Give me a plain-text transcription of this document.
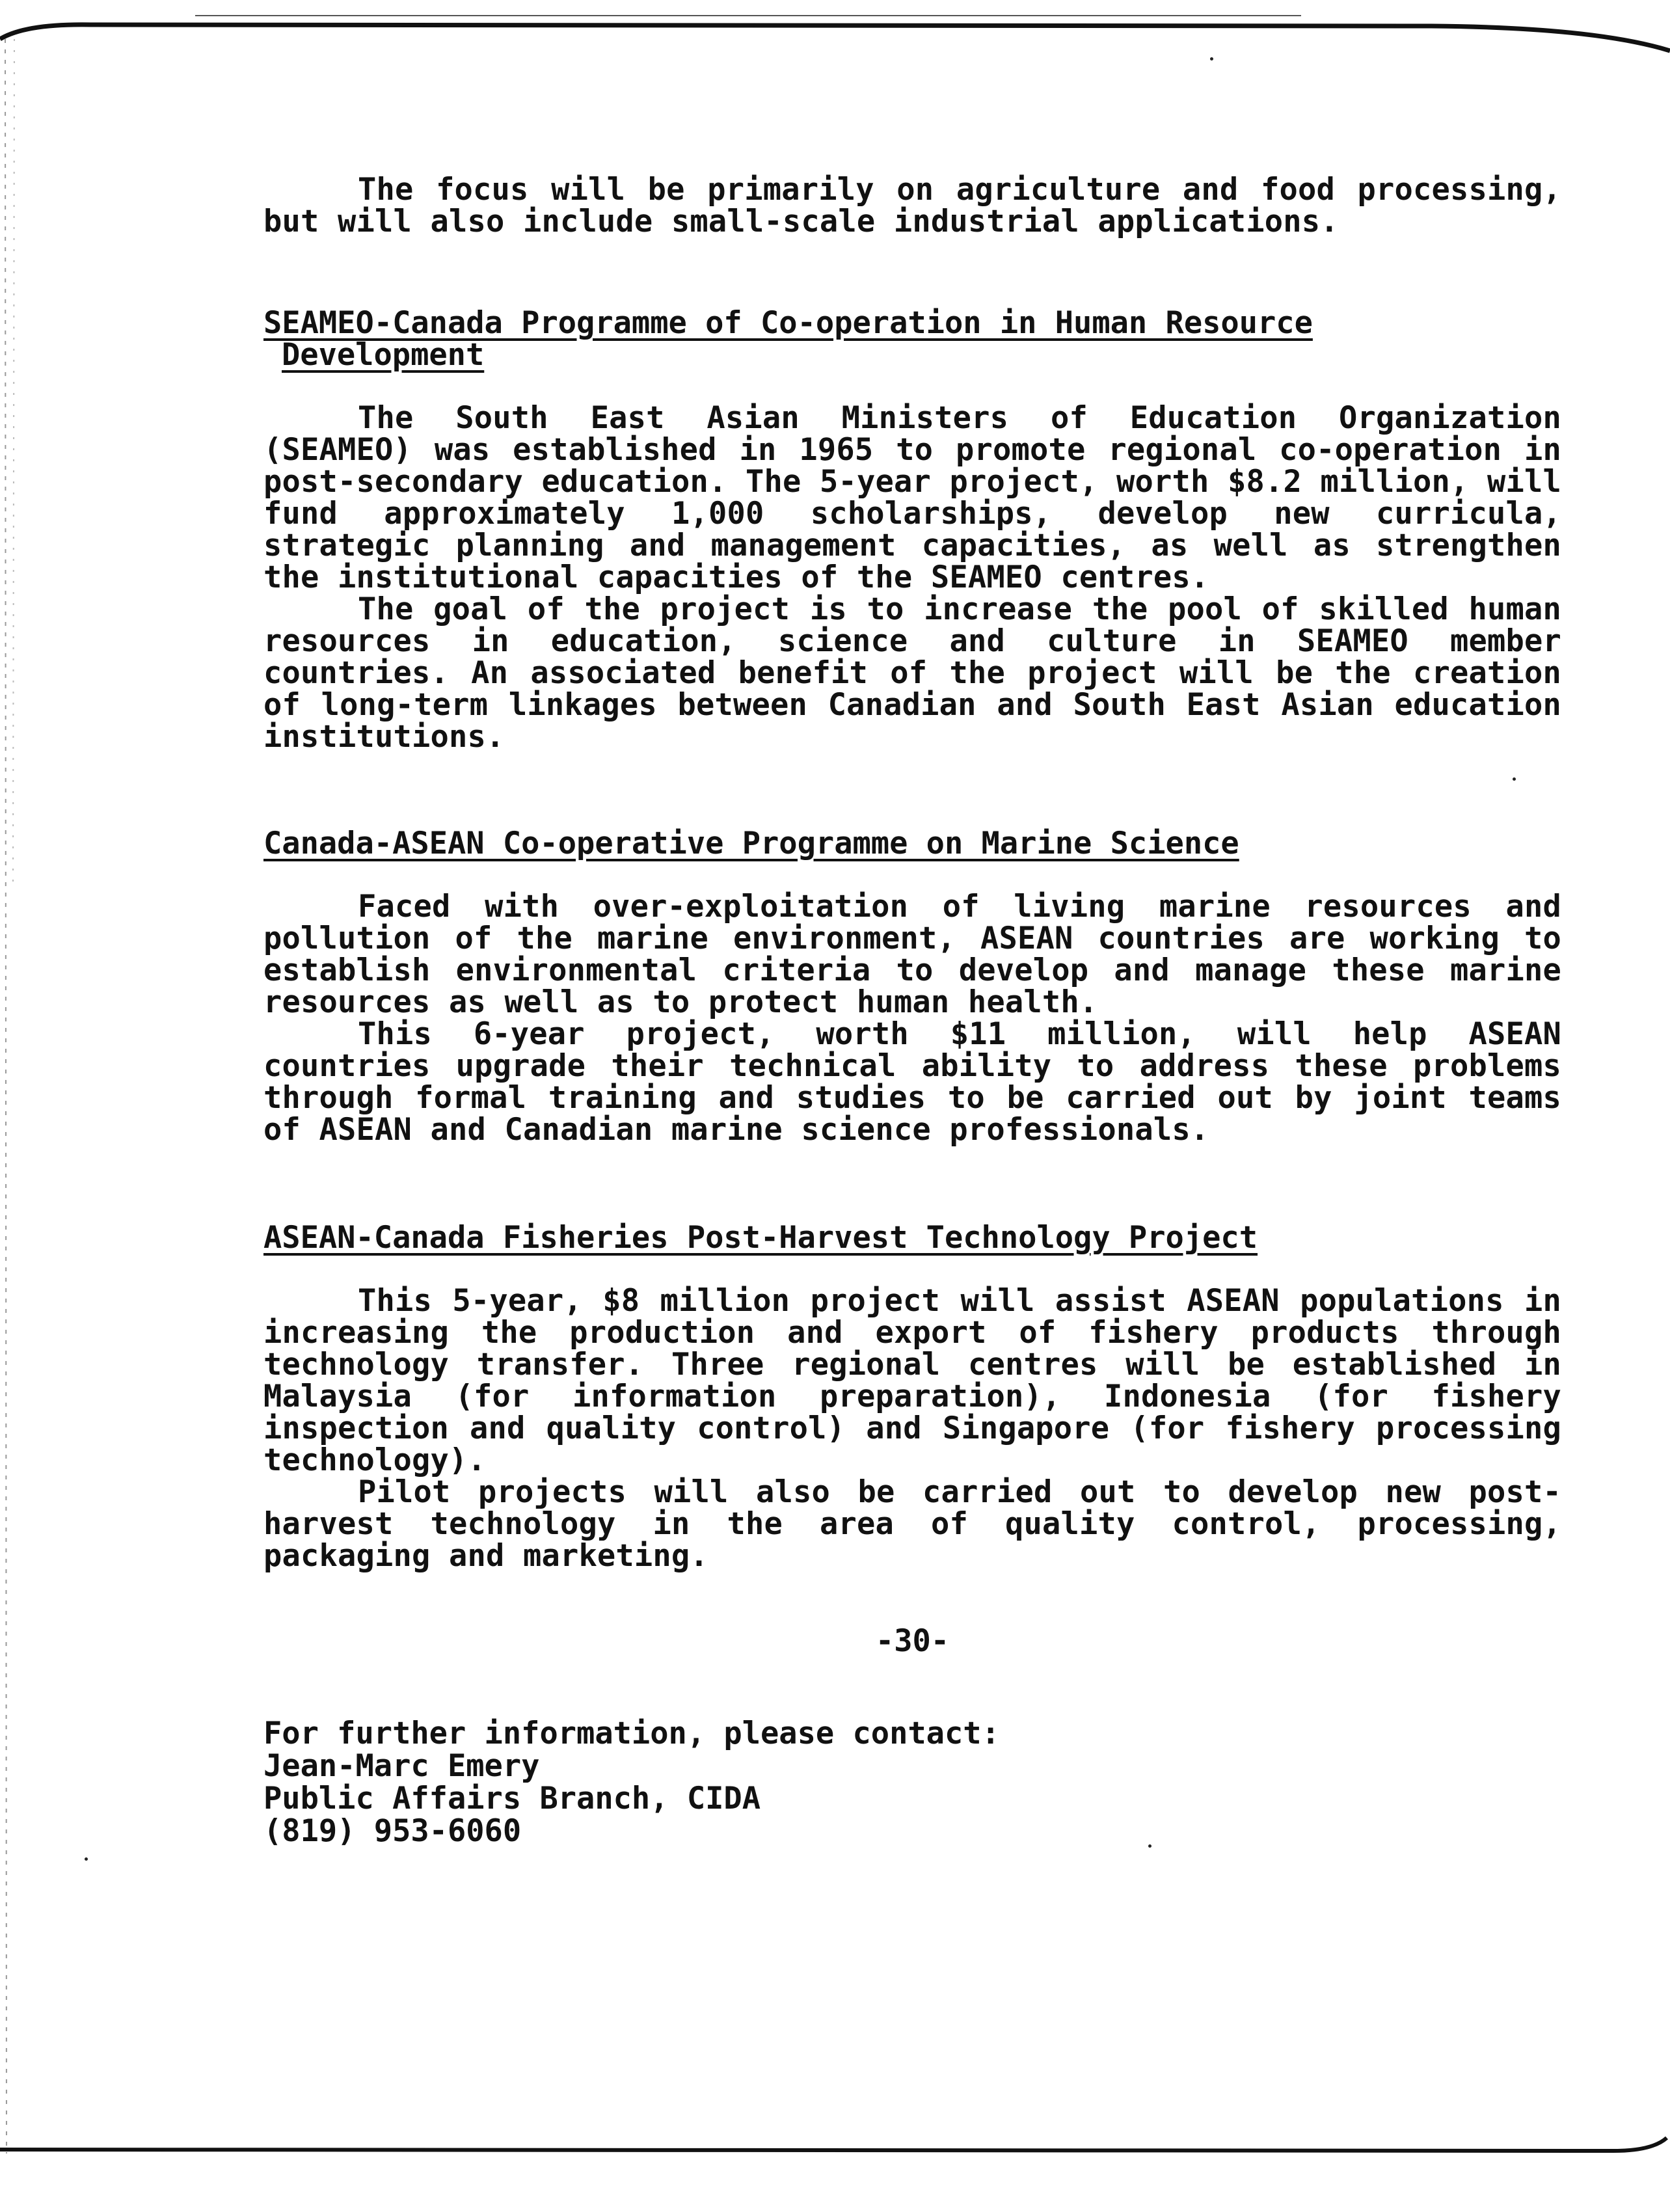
The focus will be primarily on agriculture and food processing, but will also include small-scale industrial applications.

SEAMEO-Canada Programme of Co-operation in Human Resource
Development

The South East Asian Ministers of Education Organization (SEAMEO) was established in 1965 to promote regional co-operation in post-secondary education. The 5-year project, worth $8.2 million, will fund approximately 1,000 scholarships, develop new curricula, strategic planning and management capacities, as well as strengthen the institutional capacities of the SEAMEO centres.

The goal of the project is to increase the pool of skilled human resources in education, science and culture in SEAMEO member countries. An associated benefit of the project will be the creation of long-term linkages between Canadian and South East Asian education institutions.

Canada-ASEAN Co-operative Programme on Marine Science

Faced with over-exploitation of living marine resources and pollution of the marine environment, ASEAN countries are working to establish environmental criteria to develop and manage these marine resources as well as to protect human health.

This 6-year project, worth $11 million, will help ASEAN countries upgrade their technical ability to address these problems through formal training and studies to be carried out by joint teams of ASEAN and Canadian marine science professionals.

ASEAN-Canada Fisheries Post-Harvest Technology Project

This 5-year, $8 million project will assist ASEAN populations in increasing the production and export of fishery products through technology transfer. Three regional centres will be established in Malaysia (for information preparation), Indonesia (for fishery inspection and quality control) and Singapore (for fishery processing technology).

Pilot projects will also be carried out to develop new post-harvest technology in the area of quality control, processing, packaging and marketing.

-30-
For further information, please contact:
Jean-Marc Emery
Public Affairs Branch, CIDA
(819) 953-6060
